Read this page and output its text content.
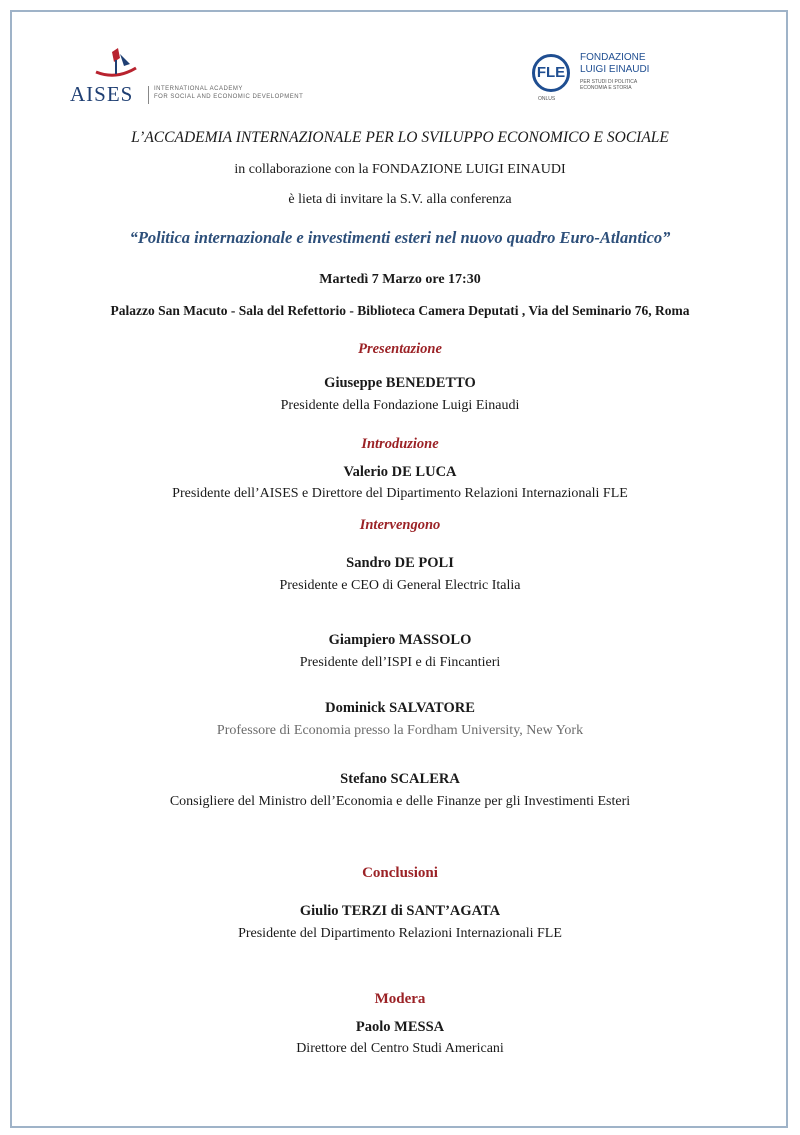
AISES	INTERNATIONAL ACADEMY
FOR SOCIAL AND ECONOMIC DEVELOPMENT
FLE
FONDAZIONE
LUIGI EINAUDI
PER STUDI DI POLITICA
ECONOMIA E STORIA
ONLUS
L’ACCADEMIA INTERNAZIONALE PER LO SVILUPPO ECONOMICO E SOCIALE
in collaborazione con la FONDAZIONE LUIGI EINAUDI
è lieta di invitare la S.V. alla conferenza
“Politica internazionale e investimenti esteri nel nuovo quadro Euro-Atlantico”
Martedì 7 Marzo ore 17:30
Palazzo San Macuto - Sala del Refettorio - Biblioteca Camera Deputati , Via del Seminario 76, Roma
Presentazione
Giuseppe BENEDETTO
Presidente della Fondazione Luigi Einaudi
Introduzione
Valerio DE LUCA
Presidente dell’AISES e Direttore del Dipartimento Relazioni Internazionali FLE
Intervengono
Sandro DE POLI
Presidente e CEO di General Electric Italia
Giampiero MASSOLO
Presidente dell’ISPI e di Fincantieri
Dominick SALVATORE
Professore di Economia presso la Fordham University, New York
Stefano SCALERA
Consigliere del Ministro dell’Economia e delle Finanze per gli Investimenti Esteri
Conclusioni
Giulio TERZI di SANT’AGATA
Presidente del Dipartimento Relazioni Internazionali FLE
Modera
Paolo MESSA
Direttore del Centro Studi Americani
